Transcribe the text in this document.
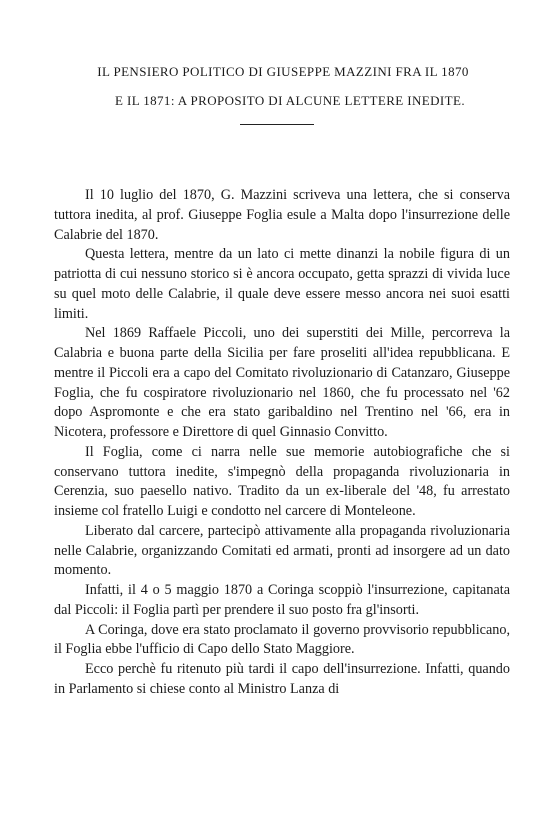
IL PENSIERO POLITICO DI GIUSEPPE MAZZINI FRA IL 1870
E IL 1871: A PROPOSITO DI ALCUNE LETTERE INEDITE.

Il 10 luglio del 1870, G. Mazzini scriveva una lettera, che si conserva tuttora inedita, al prof. Giuseppe Foglia esule a Malta dopo l'insurrezione delle Calabrie del 1870.

Questa lettera, mentre da un lato ci mette dinanzi la nobile figura di un patriotta di cui nessuno storico si è ancora occupato, getta sprazzi di vivida luce su quel moto delle Calabrie, il quale deve essere messo ancora nei suoi esatti limiti.

Nel 1869 Raffaele Piccoli, uno dei superstiti dei Mille, percorreva la Calabria e buona parte della Sicilia per fare proseliti all'idea repubblicana. E mentre il Piccoli era a capo del Comitato rivoluzionario di Catanzaro, Giuseppe Foglia, che fu cospiratore rivoluzionario nel 1860, che fu processato nel '62 dopo Aspromonte e che era stato garibaldino nel Trentino nel '66, era in Nicotera, professore e Direttore di quel Ginnasio Convitto.

Il Foglia, come ci narra nelle sue memorie autobiografiche che si conservano tuttora inedite, s'impegnò della propaganda rivoluzionaria in Cerenzia, suo paesello nativo. Tradito da un ex-liberale del '48, fu arrestato insieme col fratello Luigi e condotto nel carcere di Monteleone.

Liberato dal carcere, partecipò attivamente alla propaganda rivoluzionaria nelle Calabrie, organizzando Comitati ed armati, pronti ad insorgere ad un dato momento.

Infatti, il 4 o 5 maggio 1870 a Coringa scoppiò l'insurrezione, capitanata dal Piccoli: il Foglia partì per prendere il suo posto fra gl'insorti.

A Coringa, dove era stato proclamato il governo provvisorio repubblicano, il Foglia ebbe l'ufficio di Capo dello Stato Maggiore.

Ecco perchè fu ritenuto più tardi il capo dell'insurrezione. Infatti, quando in Parlamento si chiese conto al Ministro Lanza di
